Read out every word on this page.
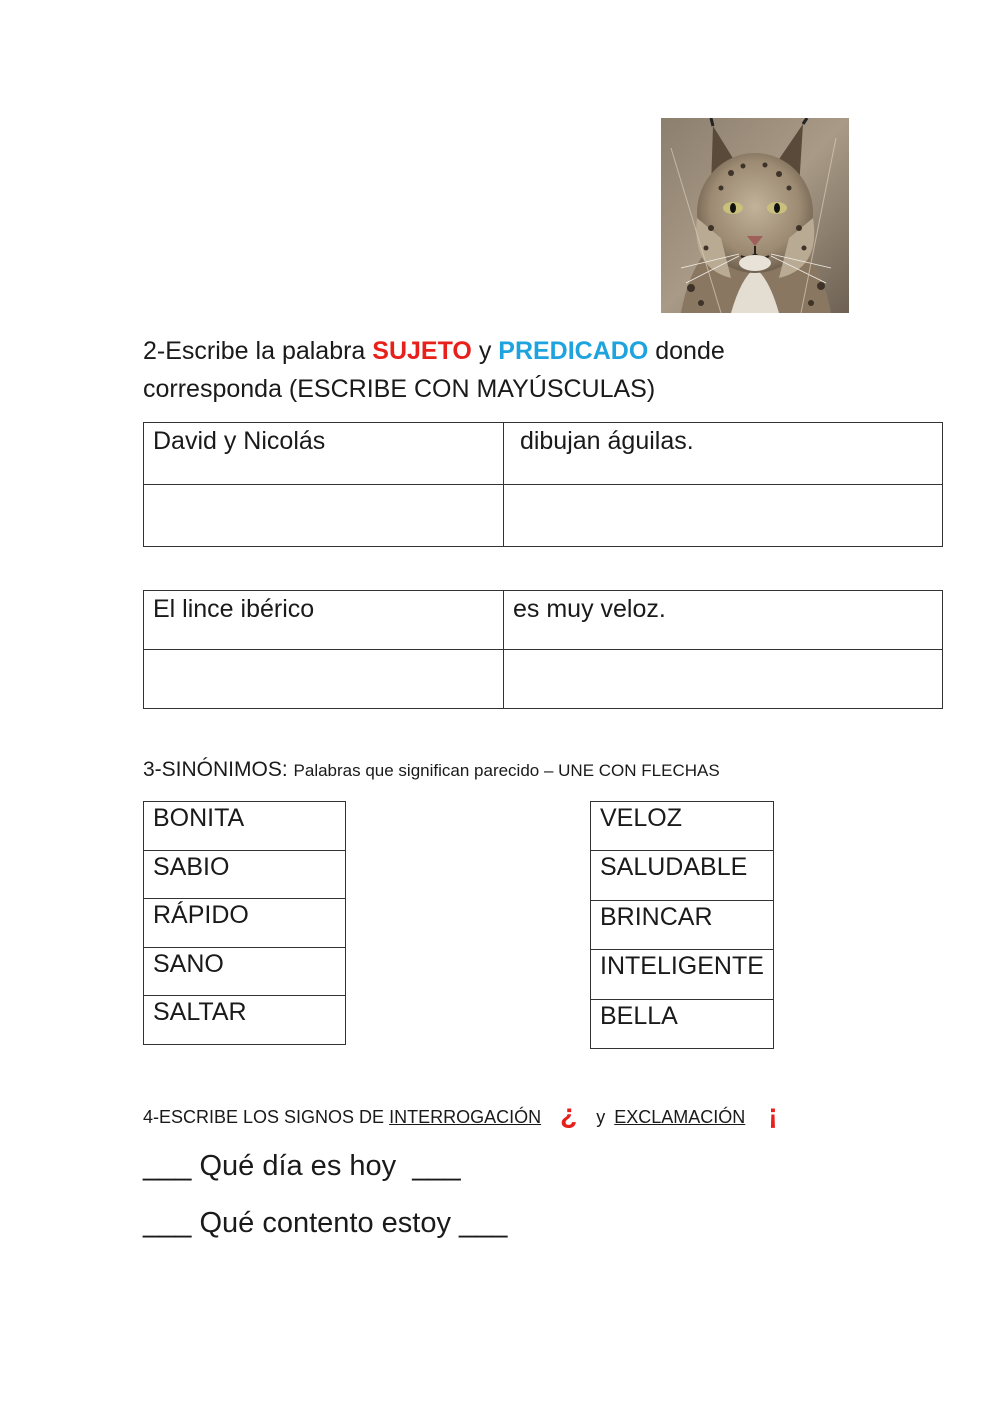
2-Escribe la palabra SUJETO y PREDICADO donde
corresponda (ESCRIBE CON MAYÚSCULAS)
David y Nicolás	dibujan águilas.

El lince ibérico	es muy veloz.

3-SINÓNIMOS: Palabras que significan parecido – UNE CON FLECHAS
BONITA
SABIO
RÁPIDO
SANO
SALTAR
VELOZ
SALUDABLE
BRINCAR
INTELIGENTE
BELLA
4-ESCRIBE LOS SIGNOS DE INTERROGACIÓN ¿ y EXCLAMACIÓN ¡
___ Qué día es hoy  ___
___ Qué contento estoy ___
